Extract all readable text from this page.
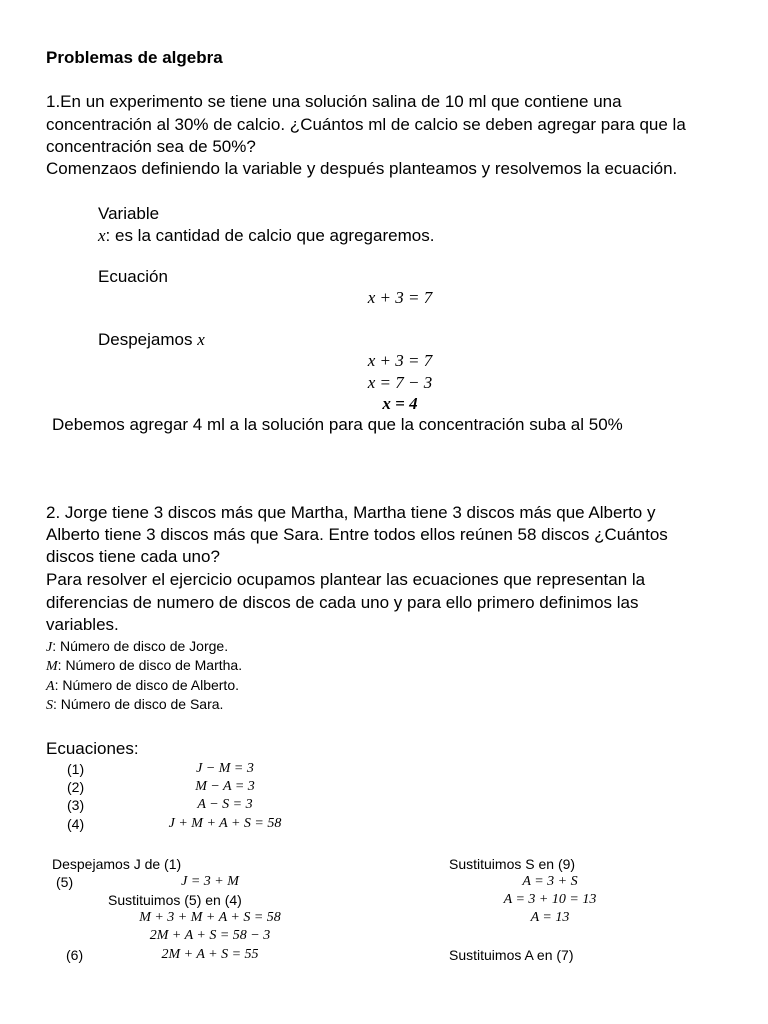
Problemas de algebra
1.En un experimento se tiene una solución salina de 10 ml que contiene una
concentración al 30% de calcio. ¿Cuántos ml de calcio se deben agregar para que la
concentración sea de 50%?
Comenzaos definiendo la variable y después planteamos y resolvemos la ecuación.
Variable
x: es la cantidad de calcio que agregaremos.
Ecuación
x + 3 = 7
Despejamos x
x + 3 = 7
x = 7 − 3
x = 4
Debemos agregar 4 ml a la solución para que la concentración suba al 50%
2. Jorge tiene 3 discos más que Martha, Martha tiene 3 discos más que Alberto y
Alberto tiene 3 discos más que Sara. Entre todos ellos reúnen 58 discos ¿Cuántos
discos tiene cada uno?
Para resolver el ejercicio ocupamos plantear las ecuaciones que representan la
diferencias de numero de discos de cada uno y para ello primero definimos las
variables.
J: Número de disco de Jorge.
M: Número de disco de Martha.
A: Número de disco de Alberto.
S: Número de disco de Sara.
Ecuaciones:
(1)	J − M = 3
(2)	M − A = 3
(3)	A − S = 3
(4)	J + M + A + S = 58
Despejamos J de (1)
(5)	J = 3 + M
Sustituimos (5) en (4)
M + 3 + M + A + S = 58
2M + A + S = 58 − 3
(6)	2M + A + S = 55
Sustituimos S en (9)
A = 3 + S
A = 3 + 10 = 13
A = 13
Sustituimos A en (7)
